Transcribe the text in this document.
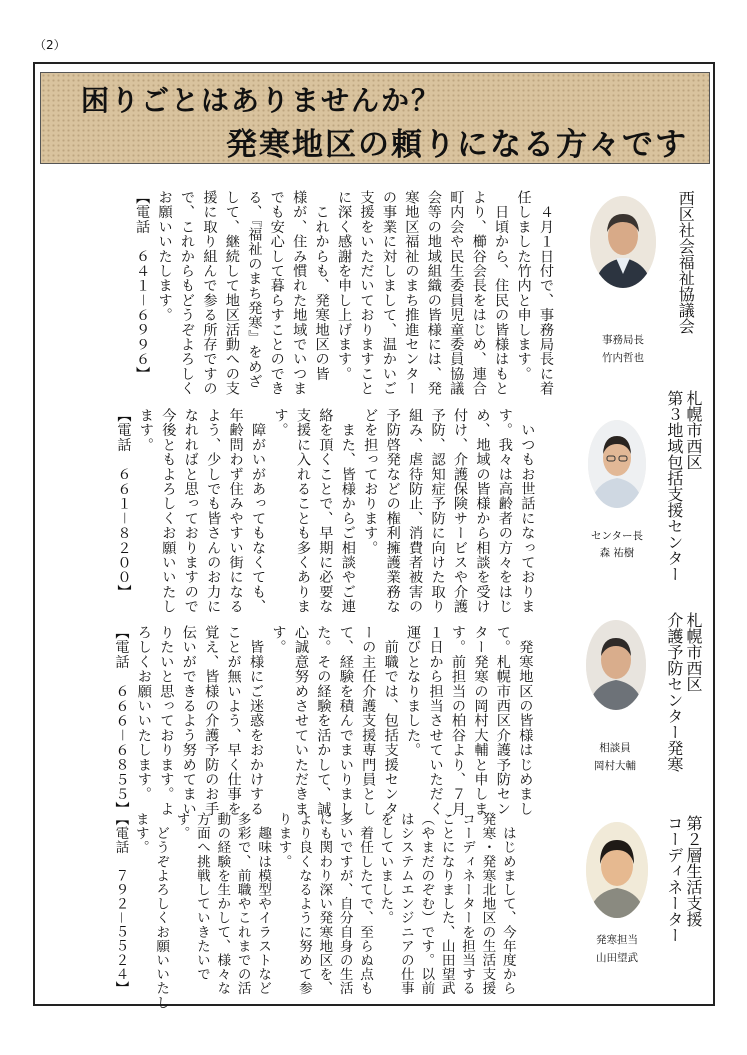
（2）
困りごとはありませんか？
発寒地区の頼りになる方々です
西区社会福祉協議会
事務局長
竹内哲也
　４月１日付で、事務局長に着
任しました竹内と申します。
　日頃から、住民の皆様はもと
より、櫛谷会長をはじめ、連合
町内会や民生委員児童委員協議
会等の地域組織の皆様には、発
寒地区福祉のまち推進センター
の事業に対しまして、温かいご
支援をいただいておりますこと
に深く感謝を申し上げます。
　これからも、発寒地区の皆
様が、住み慣れた地域でいつま
でも安心して暮らすことのでき
る、『福祉のまち発寒』をめざ
して、継続して地区活動への支
援に取り組んで参る所存ですの
で、これからもどうぞよろしく
お願いいたします。
【電話　６４１－６９９６】
札幌市西区
第３地域包括支援センター
センター長
森 祐樹
　いつもお世話になっておりま
す。我々は高齢者の方々をはじ
め、地域の皆様から相談を受け
付け、介護保険サービスや介護
予防、認知症予防に向けた取り
組み、虐待防止、消費者被害の
予防啓発などの権利擁護業務な
どを担っております。
　また、皆様からご相談やご連
絡を頂くことで、早期に必要な
支援に入れることも多くありま
す。
　障がいがあってもなくても、
年齢問わず住みやすい街になる
よう、少しでも皆さんのお力に
なれればと思っておりますので
今後ともよろしくお願いいたし
ます。
【電話　６６１－８２００】
札幌市西区
介護予防センター発寒
相談員
岡村大輔
　発寒地区の皆様はじめまし
て。札幌市西区介護予防セン
ター発寒の岡村大輔と申しま
す。前担当の柏谷より、７月
１日から担当させていただく
運びとなりました。
　前職では、包括支援センタ
ーの主任介護支援専門員とし
て、経験を積んでまいりまし
た。その経験を活かして、誠
心誠意努めさせていただきま
す。
　皆様にご迷惑をおかけする
ことが無いよう、早く仕事を
覚え、皆様の介護予防のお手
伝いができるよう努めてまい
りたいと思っております。よ
ろしくお願いいたします。
【電話　６６６－６８５５】
第２層生活支援
コーディネーター
発寒担当
山田望武
　はじめまして、今年度から
発寒・発寒北地区の生活支援
コーディネーターを担当する
ことになりました、山田望武
（やまだのぞむ）です。以前
はシステムエンジニアの仕事
をしていました。
　着任したてで、至らぬ点も
多いですが、自分自身の生活
にも関わり深い発寒地区を、
より良くなるように努めて参
ります。
　趣味は模型やイラストなど
多彩で、前職やこれまでの活
動の経験を生かして、様々な
方面へ挑戦していきたいで
す。
　どうぞよろしくお願いいたし
ます。
【電話　７９２－５５２４】
